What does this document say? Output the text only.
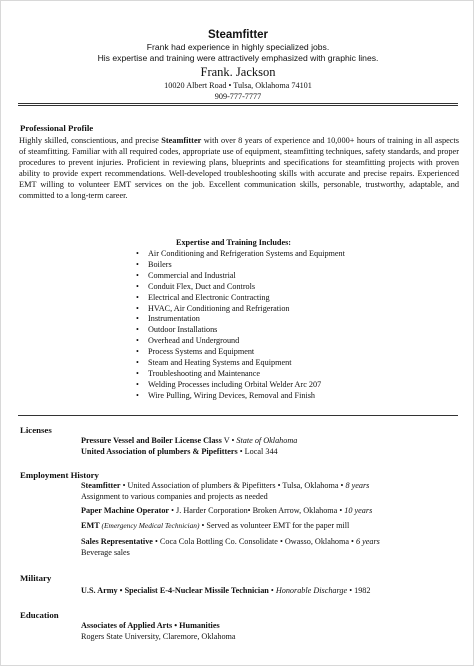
Steamfitter
Frank had experience in highly specialized jobs.
His expertise and training were attractively emphasized with graphic lines.
Frank. Jackson
10020 Albert Road • Tulsa, Oklahoma 74101
909-777-7777
Professional Profile
Highly skilled, conscientious, and precise Steamfitter with over 8 years of experience and 10,000+ hours of training in all aspects of steamfitting. Familiar with all required codes, appropriate use of equipment, steamfitting techniques, safety standards, and proper procedures to prevent injuries. Proficient in reviewing plans, blueprints and specifications for steamfitting projects with proven ability to provide expert recommendations. Well-developed troubleshooting skills with accurate and precise repairs. Experienced EMT willing to volunteer EMT services on the job. Excellent communication skills, personable, trustworthy, adaptable, and committed to a long-term career.
Expertise and Training Includes:
• Air Conditioning and Refrigeration Systems and Equipment
• Boilers
• Commercial and Industrial
• Conduit Flex, Duct and Controls
• Electrical and Electronic Contracting
• HVAC, Air Conditioning and Refrigeration
• Instrumentation
• Outdoor Installations
• Overhead and Underground
• Process Systems and Equipment
• Steam and Heating Systems and Equipment
• Troubleshooting and Maintenance
• Welding Processes including Orbital Welder Arc 207
• Wire Pulling, Wiring Devices, Removal and Finish
Licenses
Pressure Vessel and Boiler License Class V • State of Oklahoma
United Association of plumbers & Pipefitters • Local 344
Employment History
Steamfitter • United Association of plumbers & Pipefitters • Tulsa, Oklahoma • 8 years
Assignment to various companies and projects as needed
Paper Machine Operator • J. Harder Corporation• Broken Arrow, Oklahoma • 10 years
EMT (Emergency Medical Technician) • Served as volunteer EMT for the paper mill
Sales Representative • Coca Cola Bottling Co. Consolidate • Owasso, Oklahoma • 6 years
Beverage sales
Military
U.S. Army • Specialist E-4-Nuclear Missile Technician • Honorable Discharge • 1982
Education
Associates of Applied Arts • Humanities
Rogers State University, Claremore, Oklahoma
